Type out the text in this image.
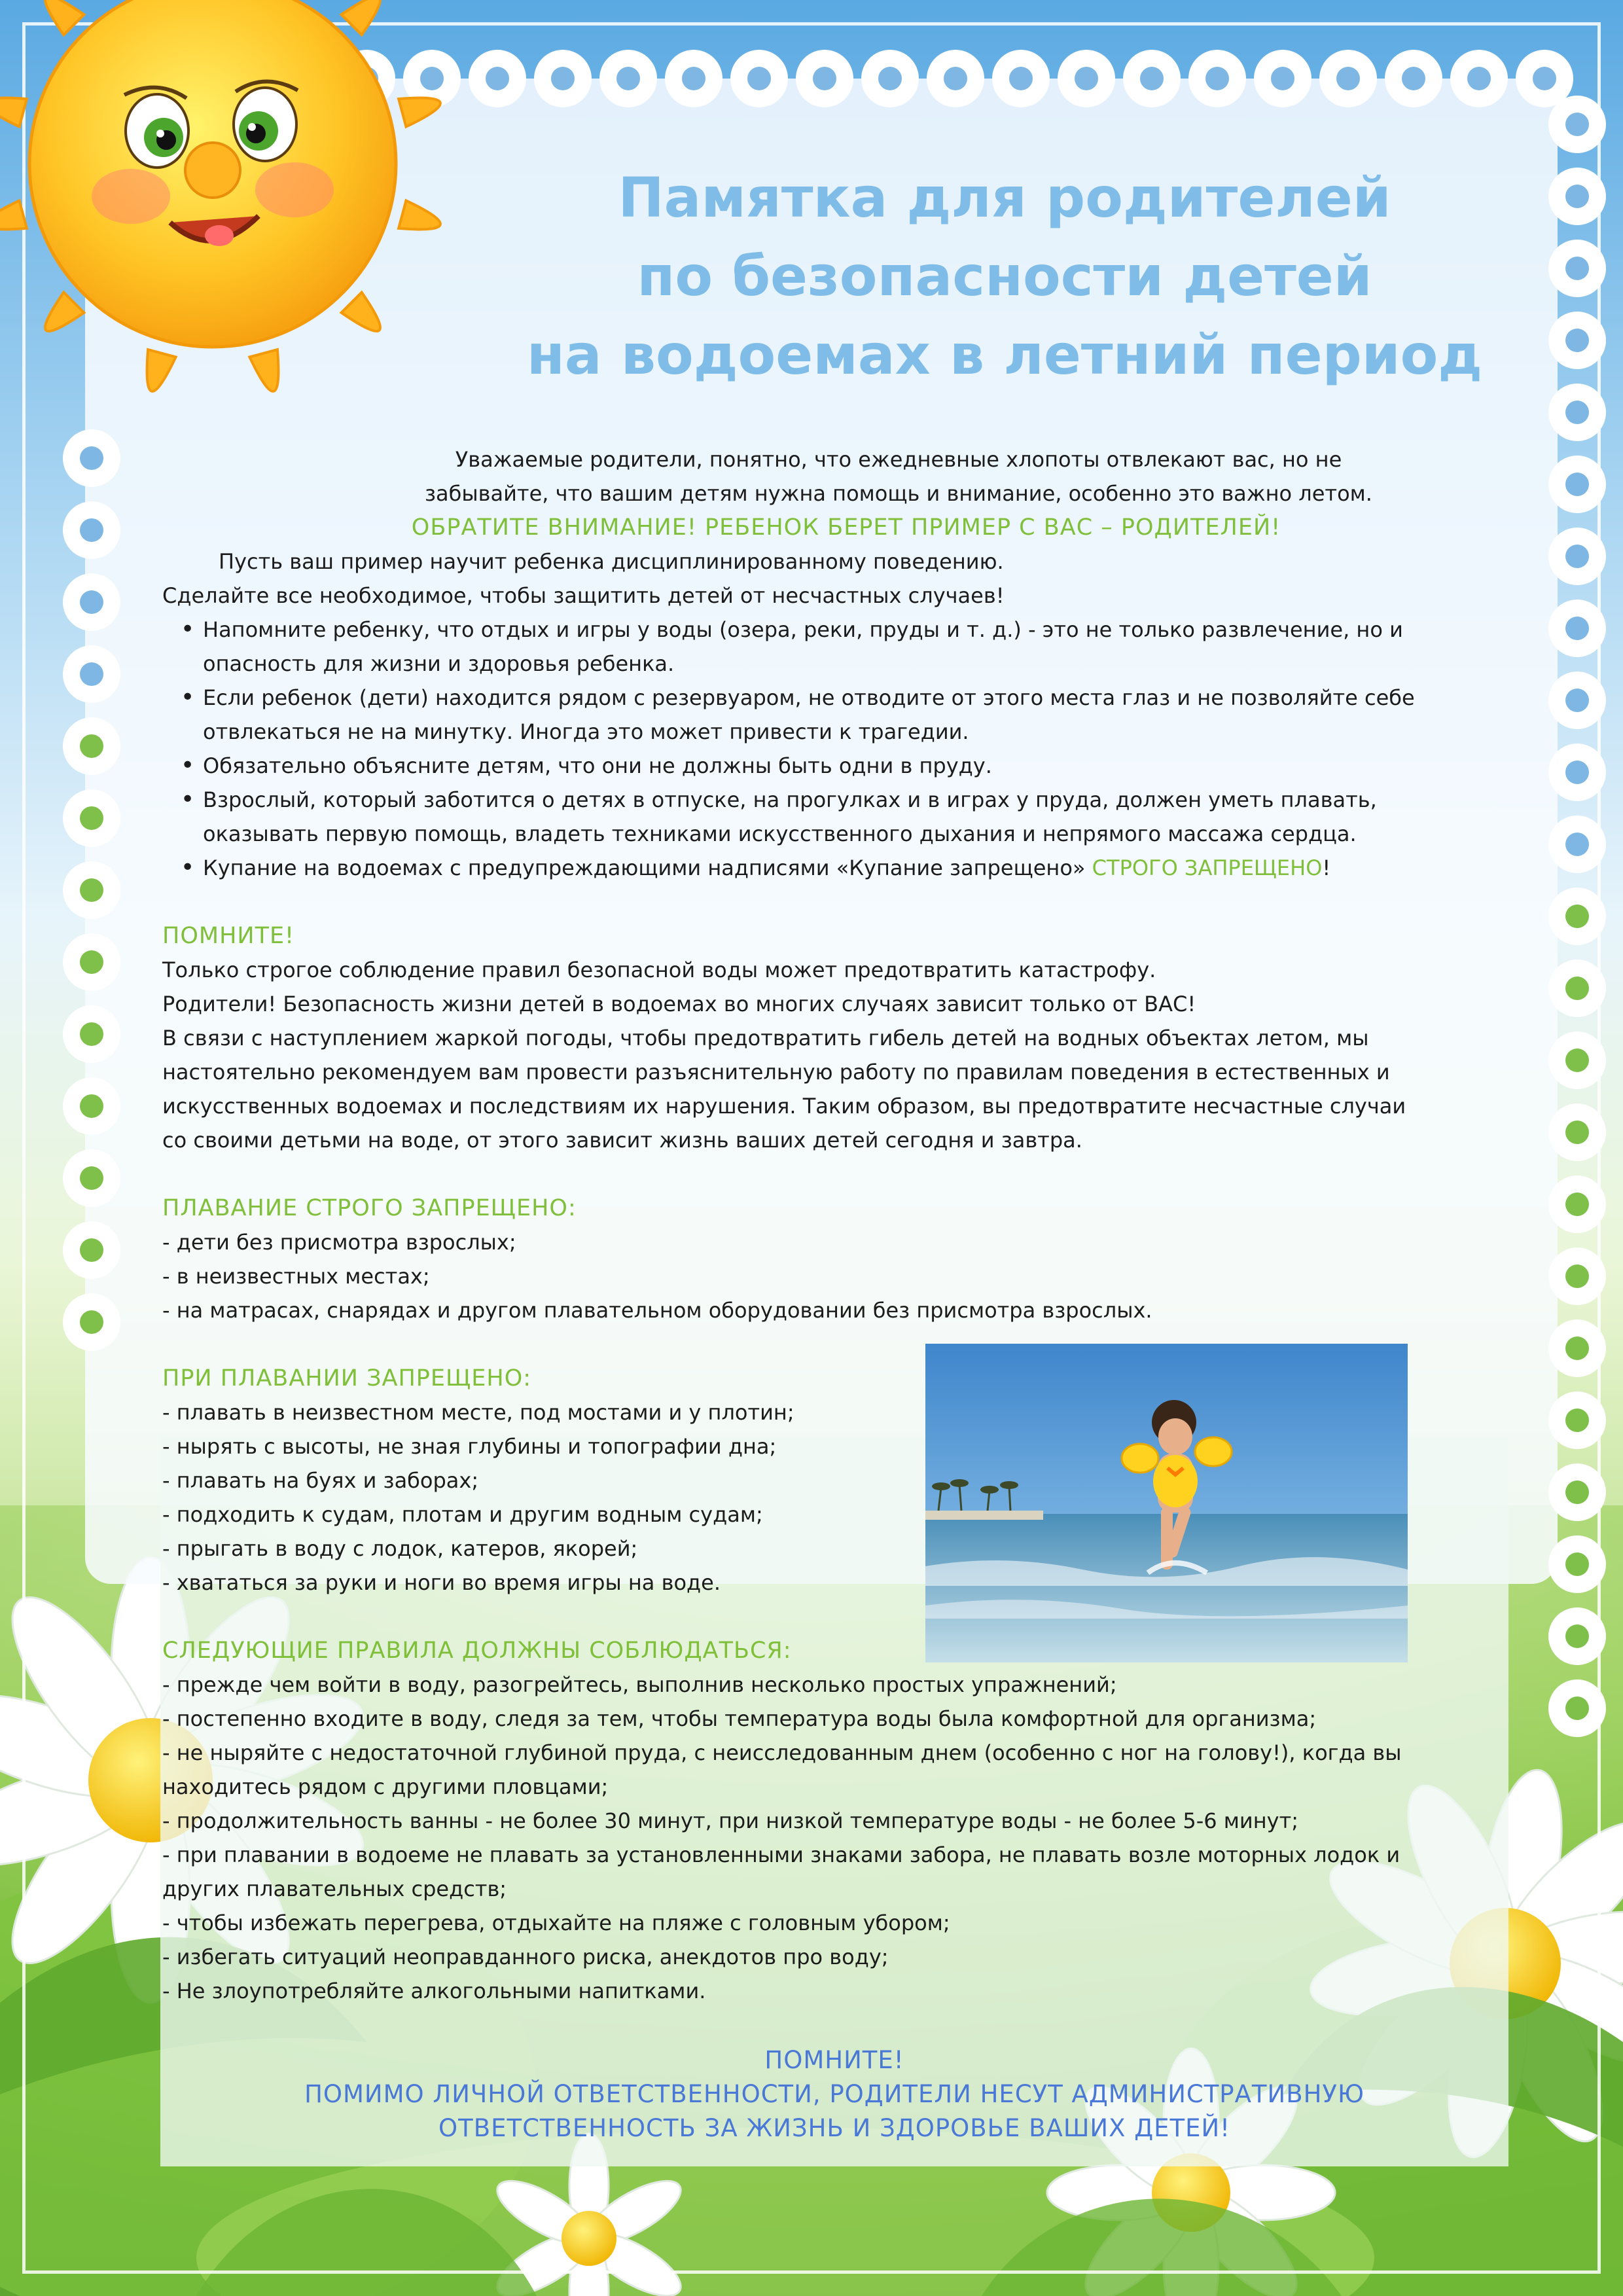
Памятка для родителей
по безопасности детей
на водоемах в летний период
Уважаемые родители, понятно, что ежедневные хлопоты отвлекают вас, но не
забывайте, что вашим детям нужна помощь и внимание, особенно это важно летом.
ОБРАТИТЕ ВНИМАНИЕ! РЕБЕНОК БЕРЕТ ПРИМЕР С ВАС – РОДИТЕЛЕЙ!
Пусть ваш пример научит ребенка дисциплинированному поведению.
Сделайте все необходимое, чтобы защитить детей от несчастных случаев!
• Напомните ребенку, что отдых и игры у воды (озера, реки, пруды и т. д.) - это не только развлечение, но и
опасность для жизни и здоровья ребенка.
• Если ребенок (дети) находится рядом с резервуаром, не отводите от этого места глаз и не позволяйте себе
отвлекаться не на минутку. Иногда это может привести к трагедии.
• Обязательно объясните детям, что они не должны быть одни в пруду.
• Взрослый, который заботится о детях в отпуске, на прогулках и в играх у пруда, должен уметь плавать,
оказывать первую помощь, владеть техниками искусственного дыхания и непрямого массажа сердца.
• Купание на водоемах с предупреждающими надписями «Купание запрещено» СТРОГО ЗАПРЕЩЕНО!
ПОМНИТЕ!
Только строгое соблюдение правил безопасной воды может предотвратить катастрофу.
Родители! Безопасность жизни детей в водоемах во многих случаях зависит только от ВАС!
В связи с наступлением жаркой погоды, чтобы предотвратить гибель детей на водных объектах летом, мы
настоятельно рекомендуем вам провести разъяснительную работу по правилам поведения в естественных и
искусственных водоемах и последствиям их нарушения. Таким образом, вы предотвратите несчастные случаи
со своими детьми на воде, от этого зависит жизнь ваших детей сегодня и завтра.
ПЛАВАНИЕ СТРОГО ЗАПРЕЩЕНО:
- дети без присмотра взрослых;
- в неизвестных местах;
- на матрасах, снарядах и другом плавательном оборудовании без присмотра взрослых.
ПРИ ПЛАВАНИИ ЗАПРЕЩЕНО:
- плавать в неизвестном месте, под мостами и у плотин;
- нырять с высоты, не зная глубины и топографии дна;
- плавать на буях и заборах;
- подходить к судам, плотам и другим водным судам;
- прыгать в воду с лодок, катеров, якорей;
- хвататься за руки и ноги во время игры на воде.
СЛЕДУЮЩИЕ ПРАВИЛА ДОЛЖНЫ СОБЛЮДАТЬСЯ:
- прежде чем войти в воду, разогрейтесь, выполнив несколько простых упражнений;
- постепенно входите в воду, следя за тем, чтобы температура воды была комфортной для организма;
- не ныряйте с недостаточной глубиной пруда, с неисследованным днем (особенно с ног на голову!), когда вы
находитесь рядом с другими пловцами;
- продолжительность ванны - не более 30 минут, при низкой температуре воды - не более 5-6 минут;
- при плавании в водоеме не плавать за установленными знаками забора, не плавать возле моторных лодок и
других плавательных средств;
- чтобы избежать перегрева, отдыхайте на пляже с головным убором;
- избегать ситуаций неоправданного риска, анекдотов про воду;
- Не злоупотребляйте алкогольными напитками.
ПОМНИТЕ!
ПОМИМО ЛИЧНОЙ ОТВЕТСТВЕННОСТИ, РОДИТЕЛИ НЕСУТ АДМИНИСТРАТИВНУЮ
ОТВЕТСТВЕННОСТЬ ЗА ЖИЗНЬ И ЗДОРОВЬЕ ВАШИХ ДЕТЕЙ!
